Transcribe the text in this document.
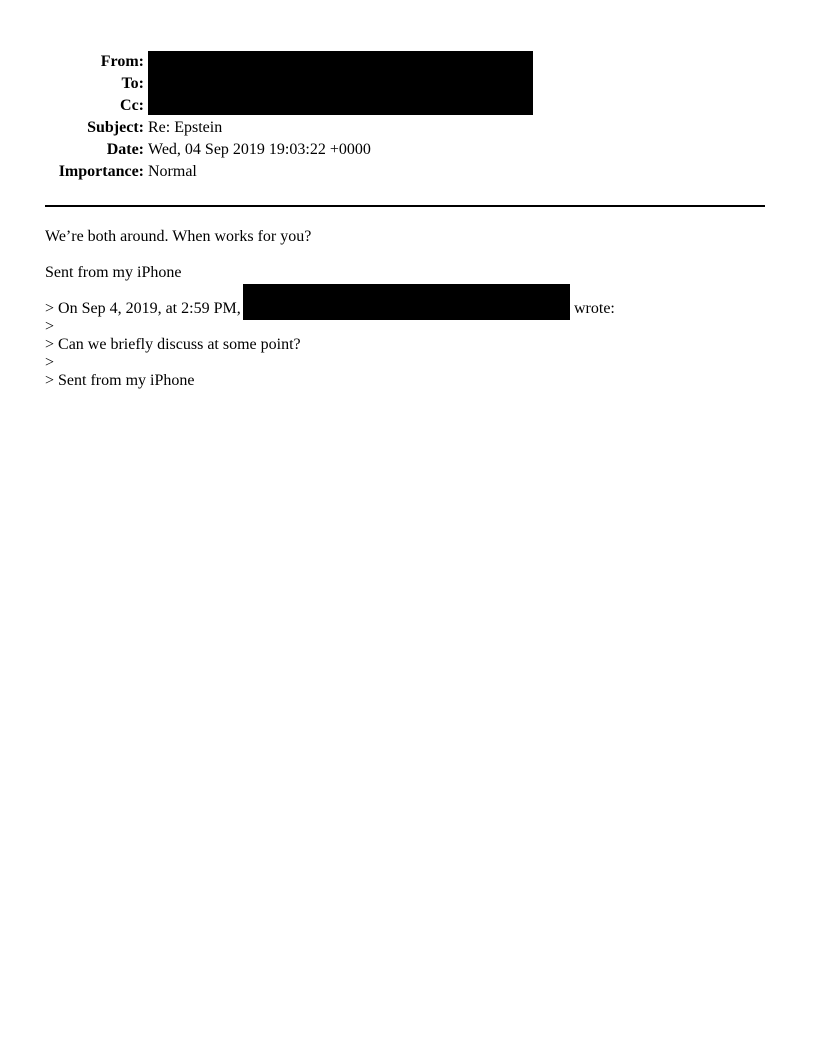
From:
To:
Cc:
Subject: Re: Epstein
Date: Wed, 04 Sep 2019 19:03:22 +0000
Importance: Normal
We’re both around. When works for you?
Sent from my iPhone
> On Sep 4, 2019, at 2:59 PM,	wrote:
>
> Can we briefly discuss at some point?
>
> Sent from my iPhone
